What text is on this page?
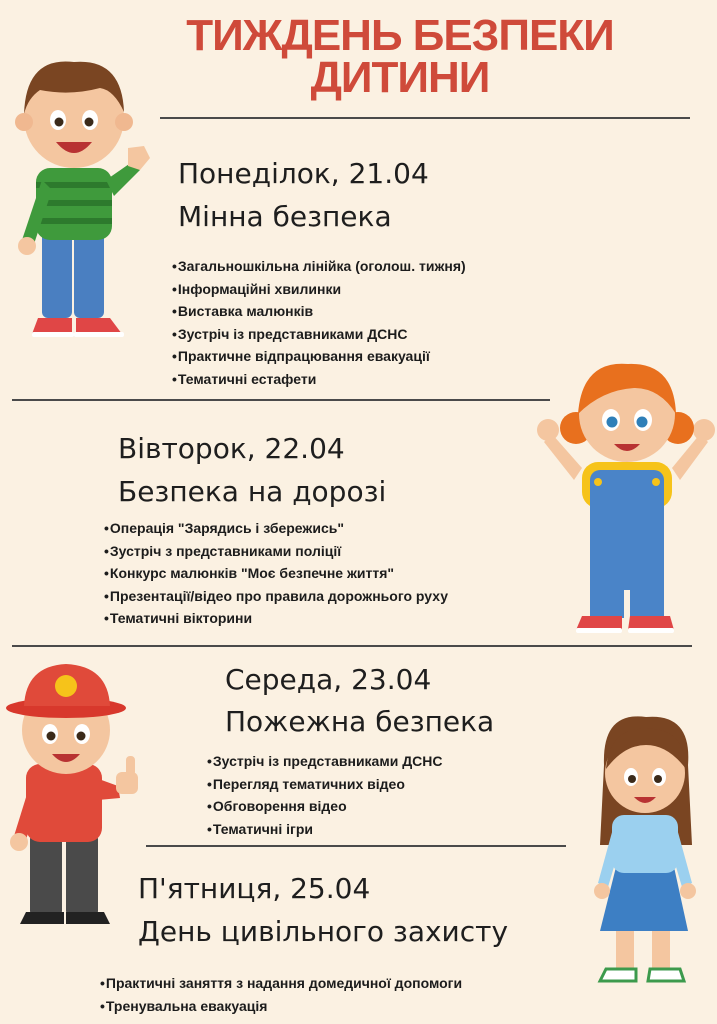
ТИЖДЕНЬ БЕЗПЕКИ
ДИТИНИ
Понеділок, 21.04
Мінна безпека
• Загальношкільна лінійка (оголош. тижня)
• Інформаційні хвилинки
• Виставка малюнків
• Зустріч із представниками ДСНС
• Практичне відпрацювання евакуації
• Тематичні естафети
Вівторок, 22.04
Безпека на дорозі
• Операція "Зарядись і збережись"
• Зустріч з представниками поліції
• Конкурс малюнків "Моє безпечне життя"
• Презентації/відео про правила дорожнього руху
• Тематичні вікторини
Середа, 23.04
Пожежна безпека
• Зустріч із представниками ДСНС
• Перегляд тематичних відео
• Обговорення відео
• Тематичні ігри
П'ятниця, 25.04
День цивільного захисту
• Практичні заняття з надання домедичної допомоги
• Тренувальна евакуація
